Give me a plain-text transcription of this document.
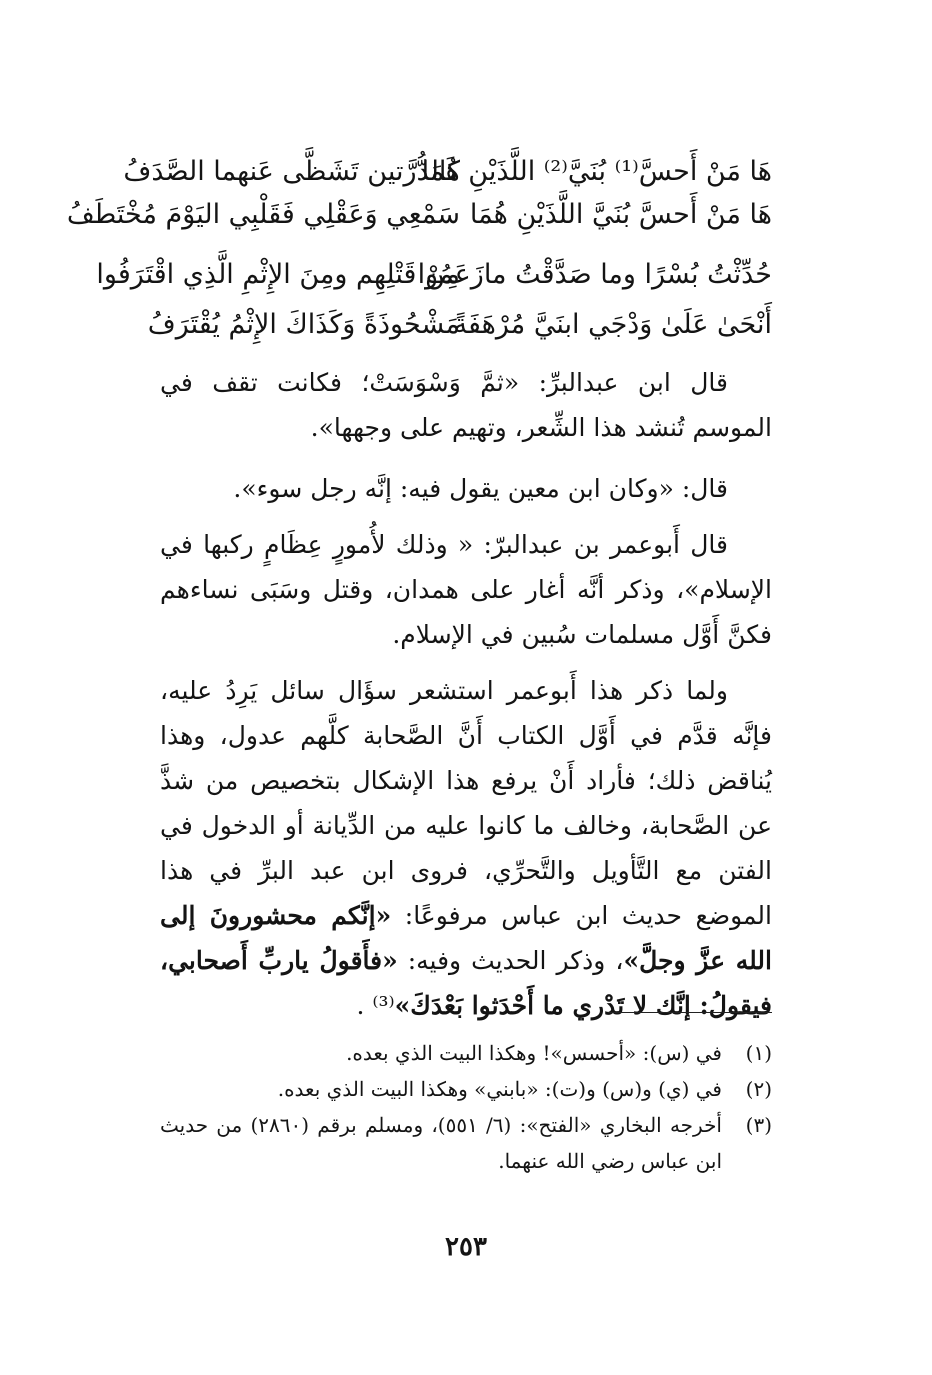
هَا مَنْ أَحسَّ⁽¹⁾ بُنَيَّ⁽²⁾ اللَّذَيْنِ هُمَا
كَالدُّرَّتين تَشَظَّى عَنهما الصَّدَفُ
هَا مَنْ أَحسَّ بُنَيَّ اللَّذَيْنِ هُمَا
سَمْعِي وَعَقْلِي فَقَلْبِي اليَوْمَ مُخْتَطَفُ
حُدِّثْتُ بُسْرًا وما صَدَّقْتُ مازَعَمُوا
مِنْ قَتْلِهِم ومِنَ الإِثْمِ الَّذِي اقْتَرَفُوا
أَنْحَىٰ عَلَىٰ وَدْجَي ابنَيَّ مُرْهَفَةً
مَشْحُوذَةً وَكَذَاكَ الإِثْمُ يُقْتَرَفُ
قال ابن عبدالبرِّ: «ثمَّ وَسْوَسَتْ؛ فكانت تقف في الموسم تُنشد هذا الشِّعر، وتهيم على وجهها».
قال: «وكان ابن معين يقول فيه: إنَّه رجل سوء».
قال أَبوعمر بن عبدالبرّ: « وذلك لأُمورٍ عِظَامٍ ركبها في الإسلام»، وذكر أنَّه أغار على همدان، وقتل وسَبَى نساءهم فكنَّ أَوَّل مسلمات سُبين في الإسلام.
ولما ذكر هذا أَبوعمر استشعر سؤَال سائل يَرِدُ عليه، فإنَّه قدَّم في أَوَّل الكتاب أَنَّ الصَّحابة كلَّهم عدول، وهذا يُناقض ذلك؛ فأراد أَنْ يرفع هذا الإشكال بتخصيص من شذَّ عن الصَّحابة، وخالف ما كانوا عليه من الدِّيانة أو الدخول في الفتن مع التَّأويل والتَّحرِّي، فروى ابن عبد البرِّ في هذا الموضع حديث ابن عباس مرفوعًا: «إنَّكم محشورونَ إلى الله عزَّ وجلَّ»، وذكر الحديث وفيه: «فأَقولُ ياربِّ أَصحابي، فيقولُ: إنَّك لا تَدْري ما أَحْدَثوا بَعْدَكَ»⁽³⁾ .
(١)
في (س): «أحسس»! وهكذا البيت الذي بعده.
(٢)
في (ي) و(س) و(ت): «بابني» وهكذا البيت الذي بعده.
(٣)
أخرجه البخاري «الفتح»: (٦/ ٥٥١)، ومسلم برقم (٢٨٦٠) من حديث ابن عباس رضي الله عنهما.
٢٥٣
